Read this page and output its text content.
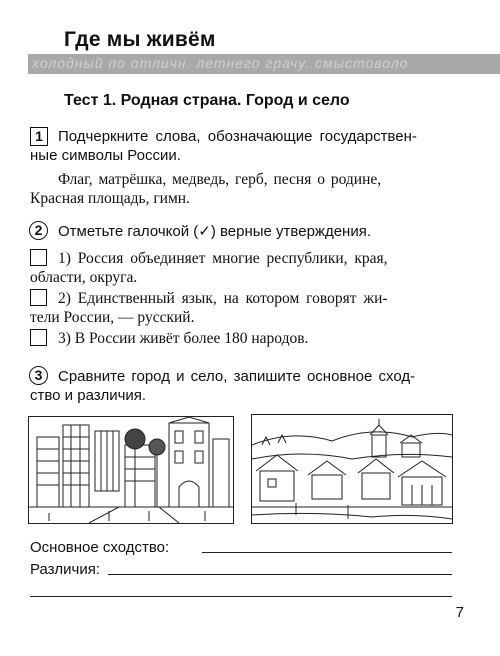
Где мы живём
холодный по отличн. летнего грачу. смыстоволо
Тест 1. Родная страна. Город и село
1	Подчеркните слова, обозначающие государствен-
ные символы России.
Флаг, матрёшка, медведь, герб, песня о родине,
Красная площадь, гимн.
2	Отметьте галочкой (✓) верные утверждения.
1) Россия объединяет многие республики, края,
области, округа.
2) Единственный язык, на котором говорят жи-
тели России, — русский.
3) В России живёт более 180 народов.
3	Сравните город и село, запишите основное сход-
ство и различия.
Основное сходство:
Различия:
7
